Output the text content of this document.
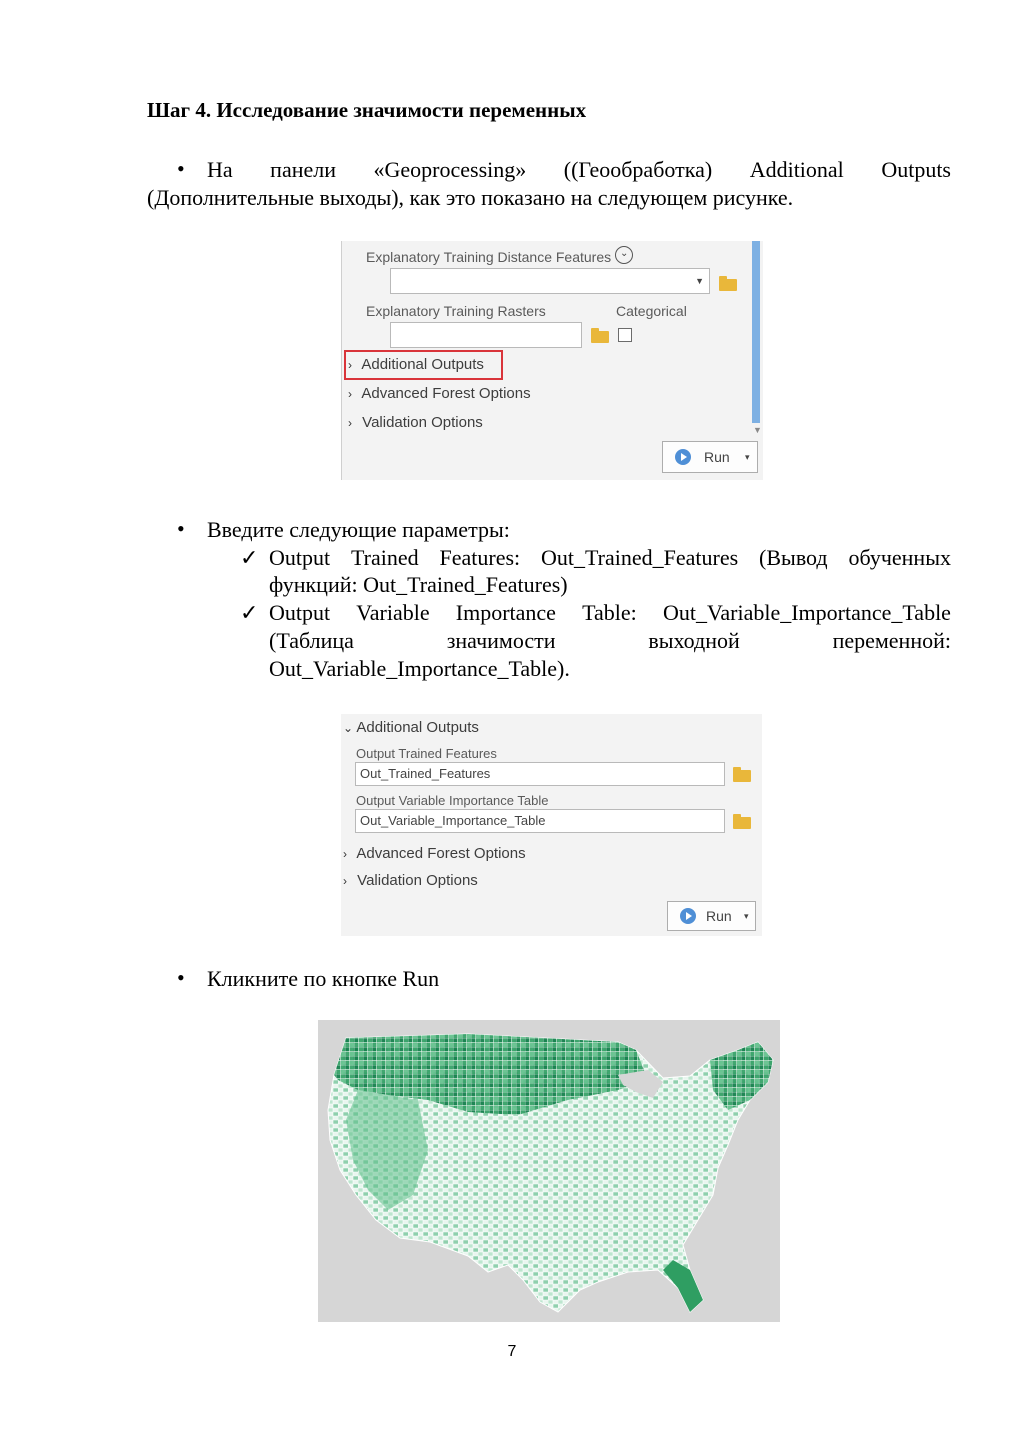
Шаг 4. Исследование значимости переменных
• На панели «Geoprocessing» ((Геообработка) Additional Outputs
(Дополнительные выходы), как это показано на следующем рисунке.
Explanatory Training Distance Features ⌄
▼
Explanatory Training Rasters	Categorical
› Additional Outputs
› Advanced Forest Options
› Validation Options
Run ▾
▼
• Введите следующие параметры:
✓ Output Trained Features: Out_Trained_Features (Вывод обученных
функций: Out_Trained_Features)
✓ Output Variable Importance Table: Out_Variable_Importance_Table
(Таблица	значимости	выходной	переменной:
Out_Variable_Importance_Table).
⌄ Additional Outputs
Output Trained Features
Out_Trained_Features
Output Variable Importance Table
Out_Variable_Importance_Table
› Advanced Forest Options
› Validation Options
Run ▾
• Кликните по кнопке Run
7
